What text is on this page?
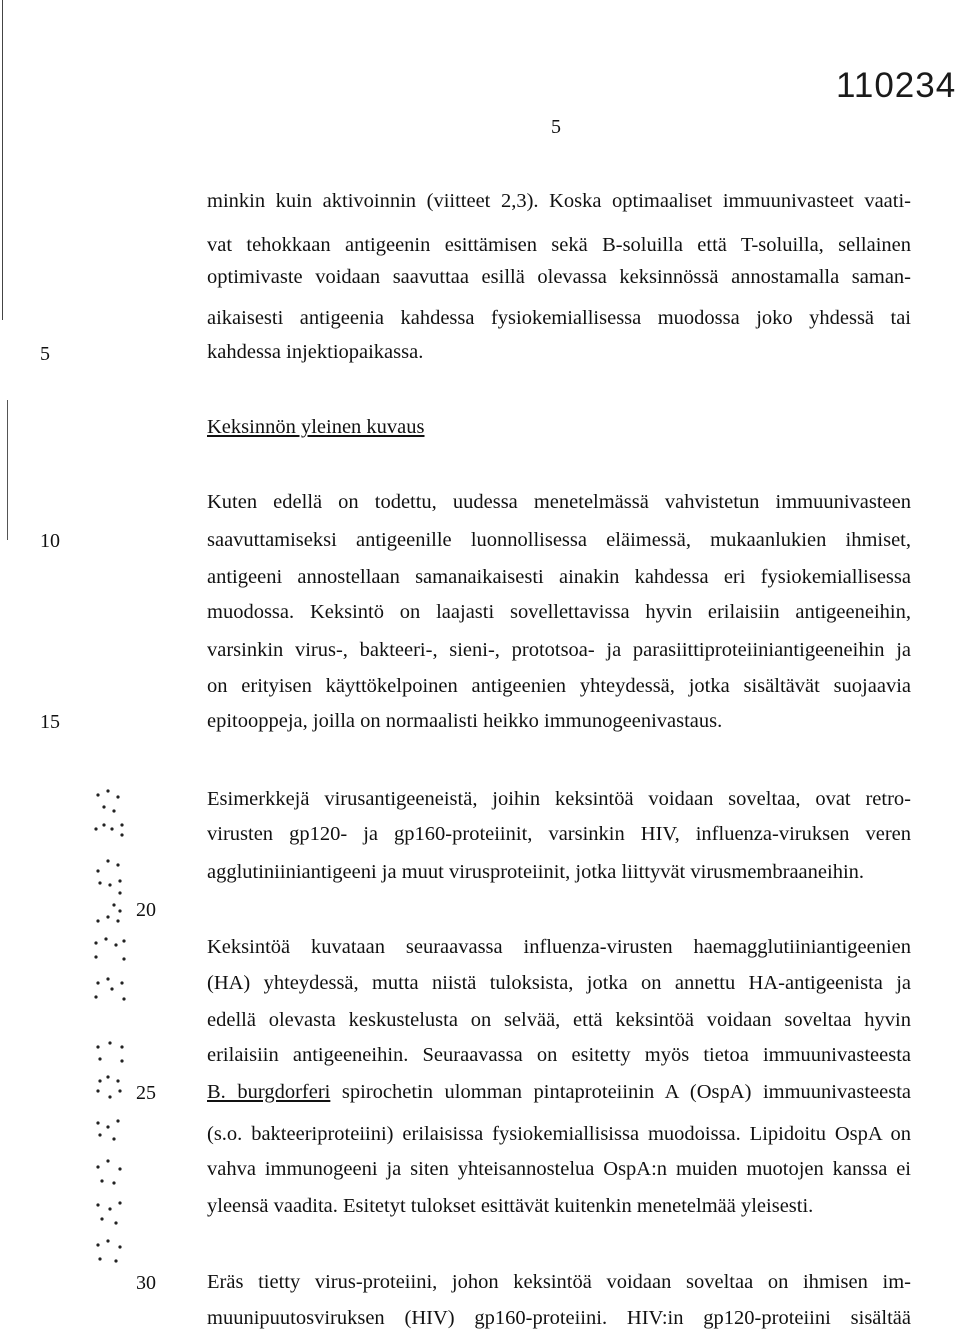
110234
5
minkin kuin aktivoinnin (viitteet 2,3). Koska optimaaliset immuunivasteet vaati-
vat tehokkaan antigeenin esittämisen sekä B-soluilla että T-soluilla, sellainen
optimivaste voidaan saavuttaa esillä olevassa keksinnössä annostamalla saman-
aikaisesti antigeenia kahdessa fysiokemiallisessa muodossa joko yhdessä tai
kahdessa injektiopaikassa.
5
Keksinnön yleinen kuvaus
Kuten edellä on todettu, uudessa menetelmässä vahvistetun immuunivasteen
saavuttamiseksi antigeenille luonnollisessa eläimessä, mukaanlukien ihmiset,
10
antigeeni annostellaan samanaikaisesti ainakin kahdessa eri fysiokemiallisessa
muodossa. Keksintö on laajasti sovellettavissa hyvin erilaisiin antigeeneihin,
varsinkin virus-, bakteeri-, sieni-, prototsoa- ja parasiittiproteiiniantigeeneihin ja
on erityisen käyttökelpoinen antigeenien yhteydessä, jotka sisältävät suojaavia
epitooppeja, joilla on normaalisti heikko immunogeenivastaus.
15
Esimerkkejä virusantigeeneistä, joihin keksintöä voidaan soveltaa, ovat retro-
virusten gp120- ja gp160-proteiinit, varsinkin HIV, influenza-viruksen veren
agglutiniiniantigeeni ja muut virusproteiinit, jotka liittyvät virusmembraaneihin.
20
Keksintöä kuvataan seuraavassa influenza-virusten haemagglutiiniantigeenien
(HA) yhteydessä, mutta niistä tuloksista, jotka on annettu HA-antigeenista ja
edellä olevasta keskustelusta on selvää, että keksintöä voidaan soveltaa hyvin
erilaisiin antigeeneihin. Seuraavassa on esitetty myös tietoa immuunivasteesta
B. burgdorferi spirochetin ulomman pintaproteiinin A (OspA) immuunivasteesta
25
(s.o. bakteeriproteiini) erilaisissa fysiokemiallisissa muodoissa. Lipidoitu OspA on
vahva immunogeeni ja siten yhteisannostelua OspA:n muiden muotojen kanssa ei
yleensä vaadita. Esitetyt tulokset esittävät kuitenkin menetelmää yleisesti.
Eräs tietty virus-proteiini, johon keksintöä voidaan soveltaa on ihmisen im-
30
muunipuutosviruksen (HIV) gp160-proteiini. HIV:in gp120-proteiini sisältää
